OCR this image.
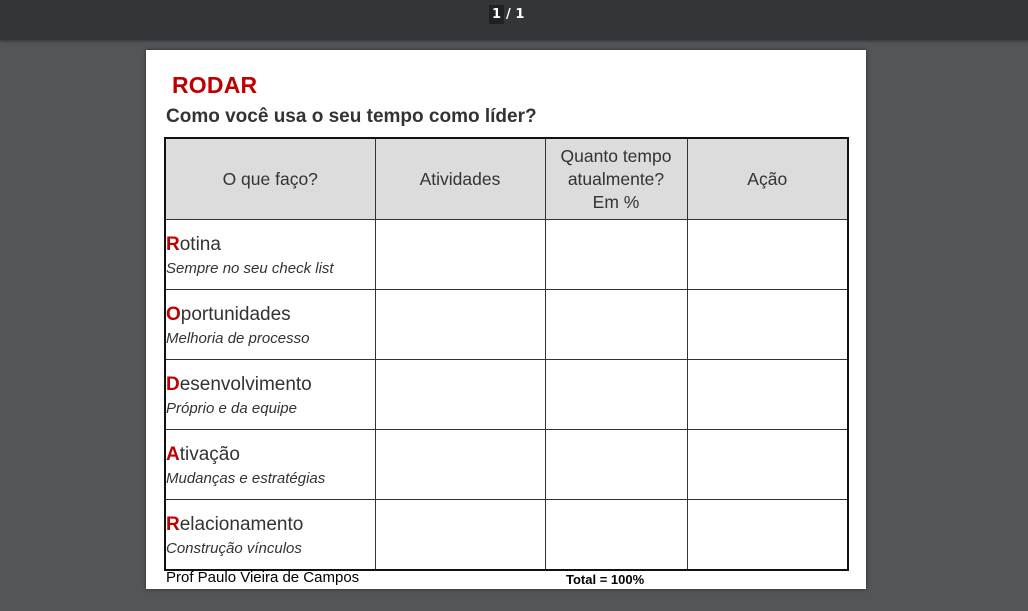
1 / 1
RODAR
Como você usa o seu tempo como líder?
O que faço?	Atividades	Quanto tempo
atualmente?
Em %	Ação

Rotina
Sempre no seu check list			

Oportunidades
Melhoria de processo			

Desenvolvimento
Próprio e da equipe			

Ativação
Mudanças e estratégias			

Relacionamento
Construção vínculos			

Prof Paulo Vieira de Campos	Total = 100%
